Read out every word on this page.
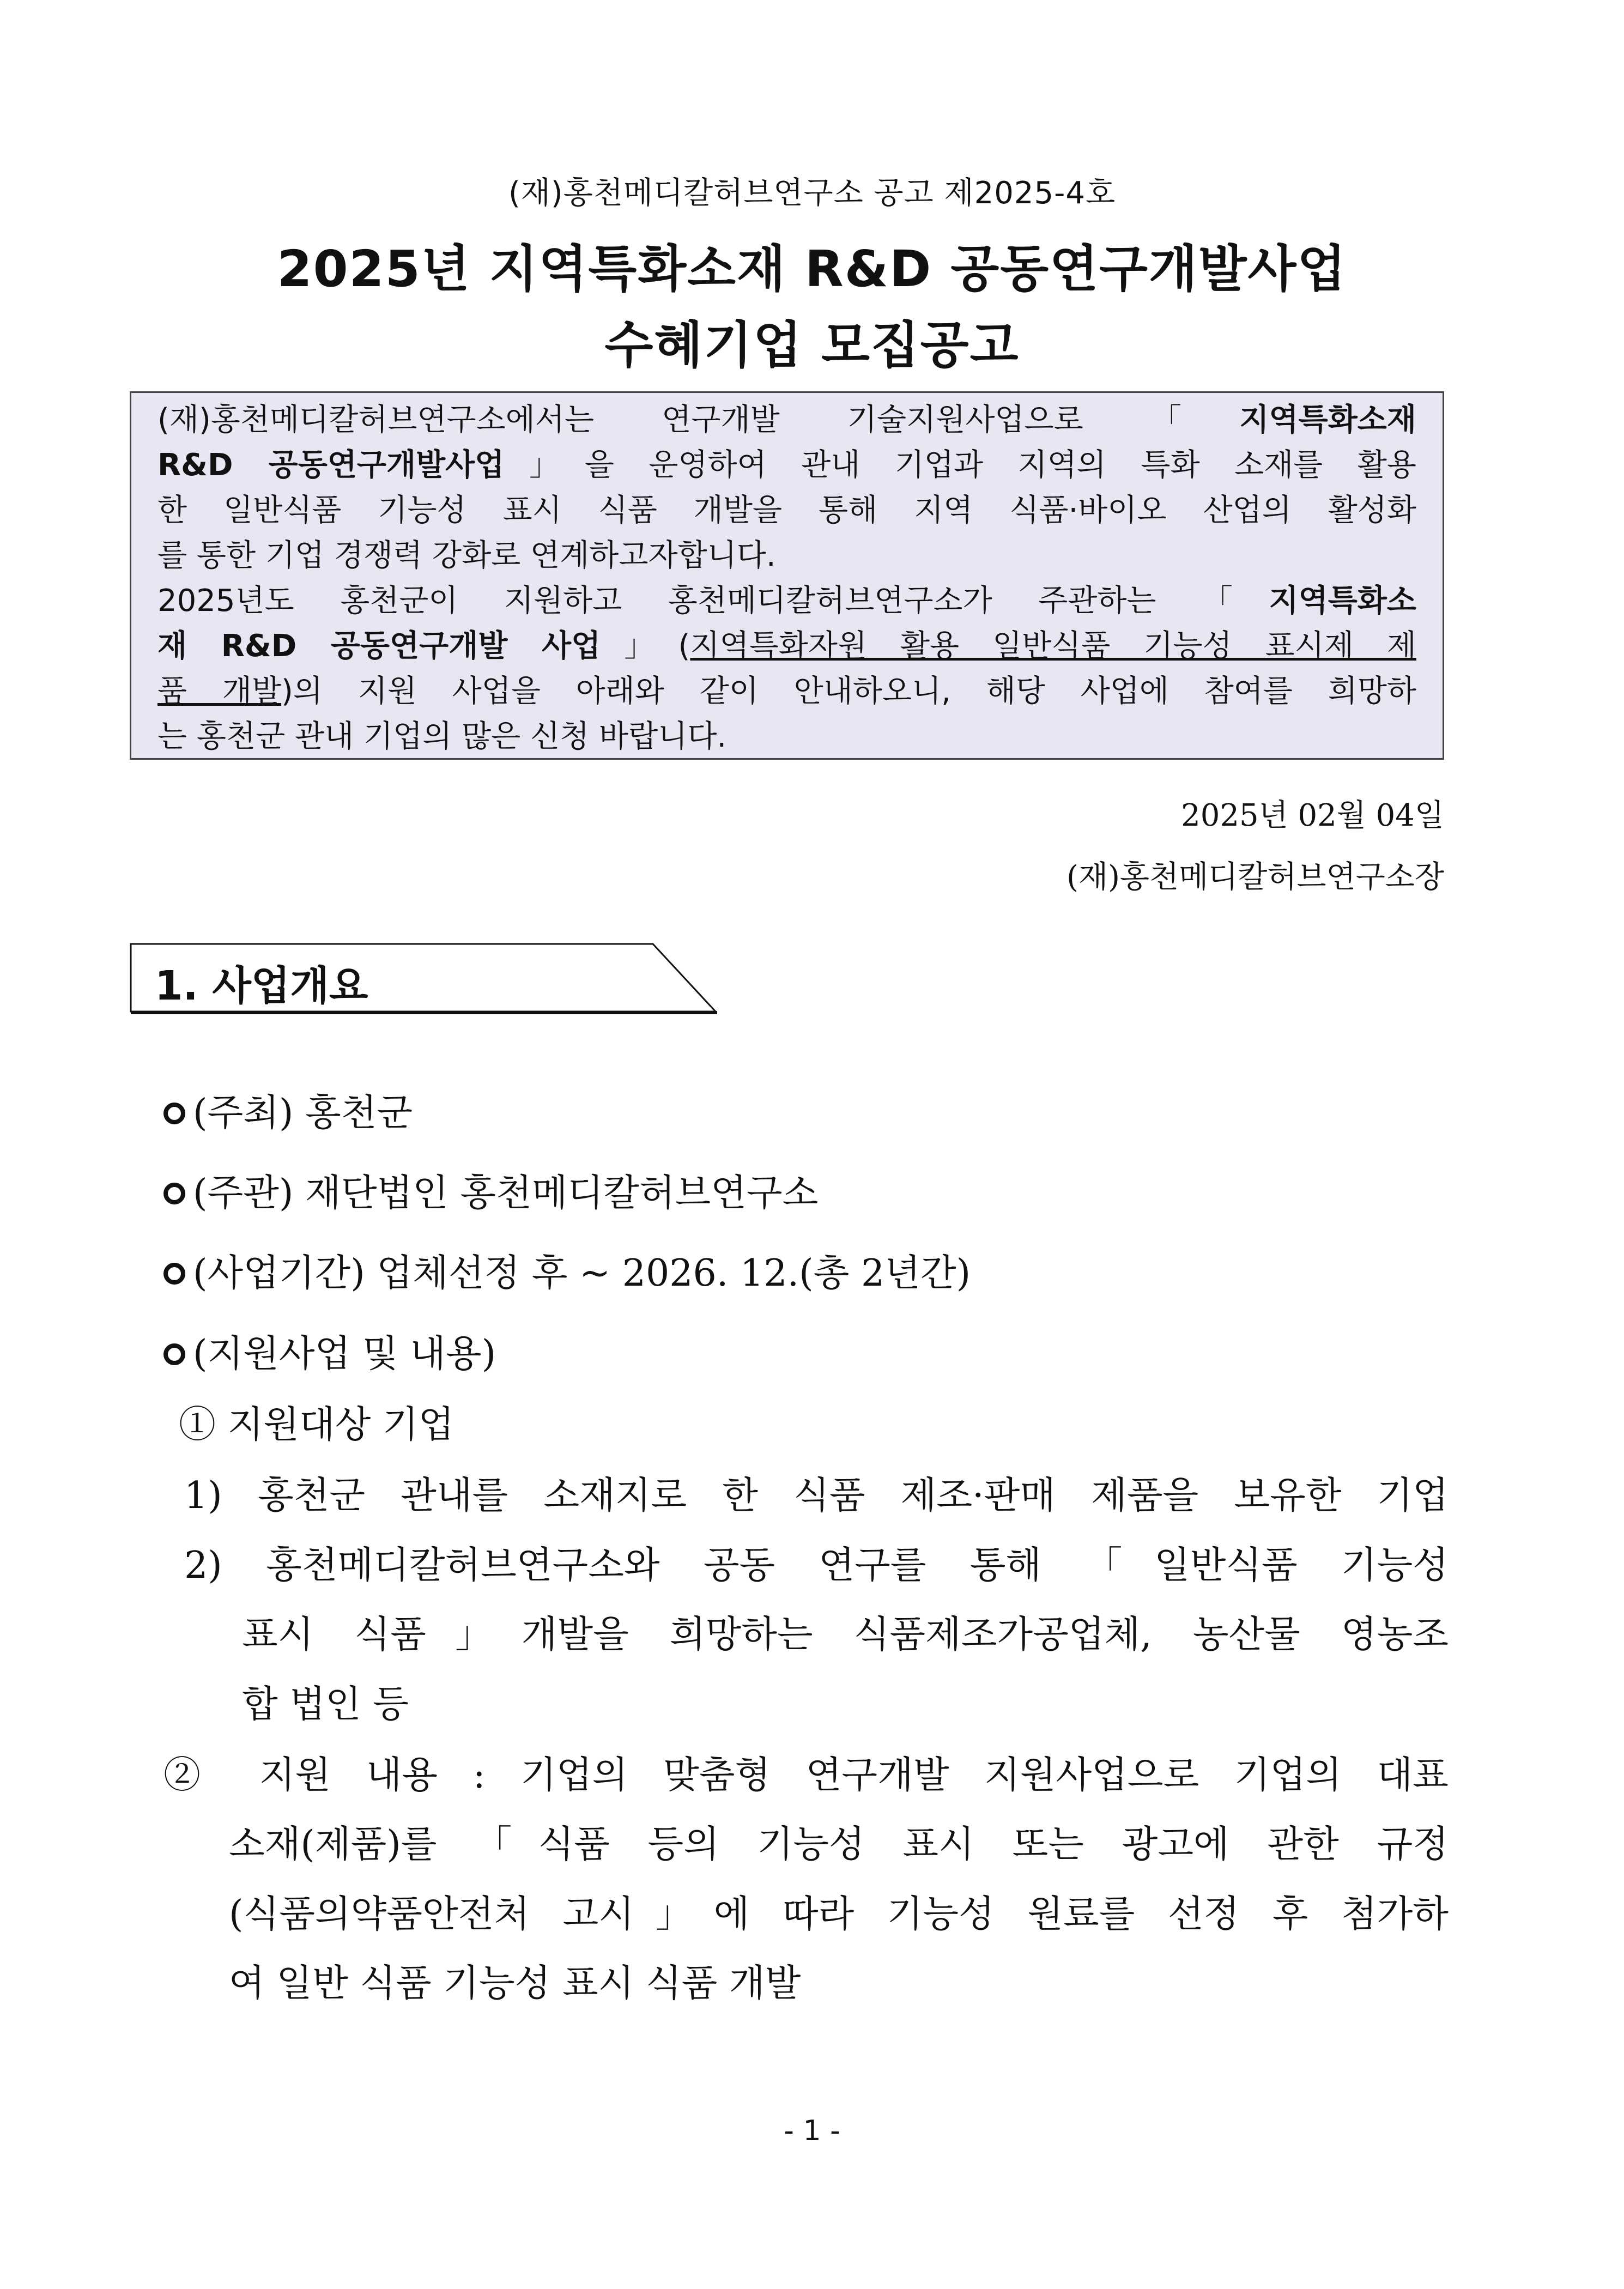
(재)홍천메디칼허브연구소 공고 제2025-4호
2025년 지역특화소재 R&D 공동연구개발사업
수혜기업 모집공고

(재)홍천메디칼허브연구소에서는 연구개발 기술지원사업으로 「지역특화소재

R&D 공동연구개발사업」을 운영하여 관내 기업과 지역의 특화 소재를 활용

한 일반식품 기능성 표시 식품 개발을 통해 지역 식품·바이오 산업의 활성화

를 통한 기업 경쟁력 강화로 연계하고자합니다.

2025년도 홍천군이 지원하고 홍천메디칼허브연구소가 주관하는 「지역특화소

재 R&D 공동연구개발 사업」(지역특화자원 활용 일반식품 기능성 표시제 제

품 개발)의 지원 사업을 아래와 같이 안내하오니, 해당 사업에 참여를 희망하

는 홍천군 관내 기업의 많은 신청 바랍니다.

2025년 02월 04일
(재)홍천메디칼허브연구소장
1. 사업개요
(주최) 홍천군
(주관) 재단법인 홍천메디칼허브연구소
(사업기간) 업체선정 후 ~ 2026. 12.(총 2년간)
(지원사업 및 내용)
① 지원대상 기업
1) 홍천군 관내를 소재지로 한 식품 제조·판매 제품을 보유한 기업
2) 홍천메디칼허브연구소와 공동 연구를 통해 「일반식품 기능성
표시 식품」개발을 희망하는 식품제조가공업체, 농산물 영농조
합 법인 등
② 지원 내용 : 기업의 맞춤형 연구개발 지원사업으로 기업의 대표
소재(제품)를 「식품 등의 기능성 표시 또는 광고에 관한 규정
(식품의약품안전처 고시」에 따라 기능성 원료를 선정 후 첨가하
여 일반 식품 기능성 표시 식품 개발
- 1 -
